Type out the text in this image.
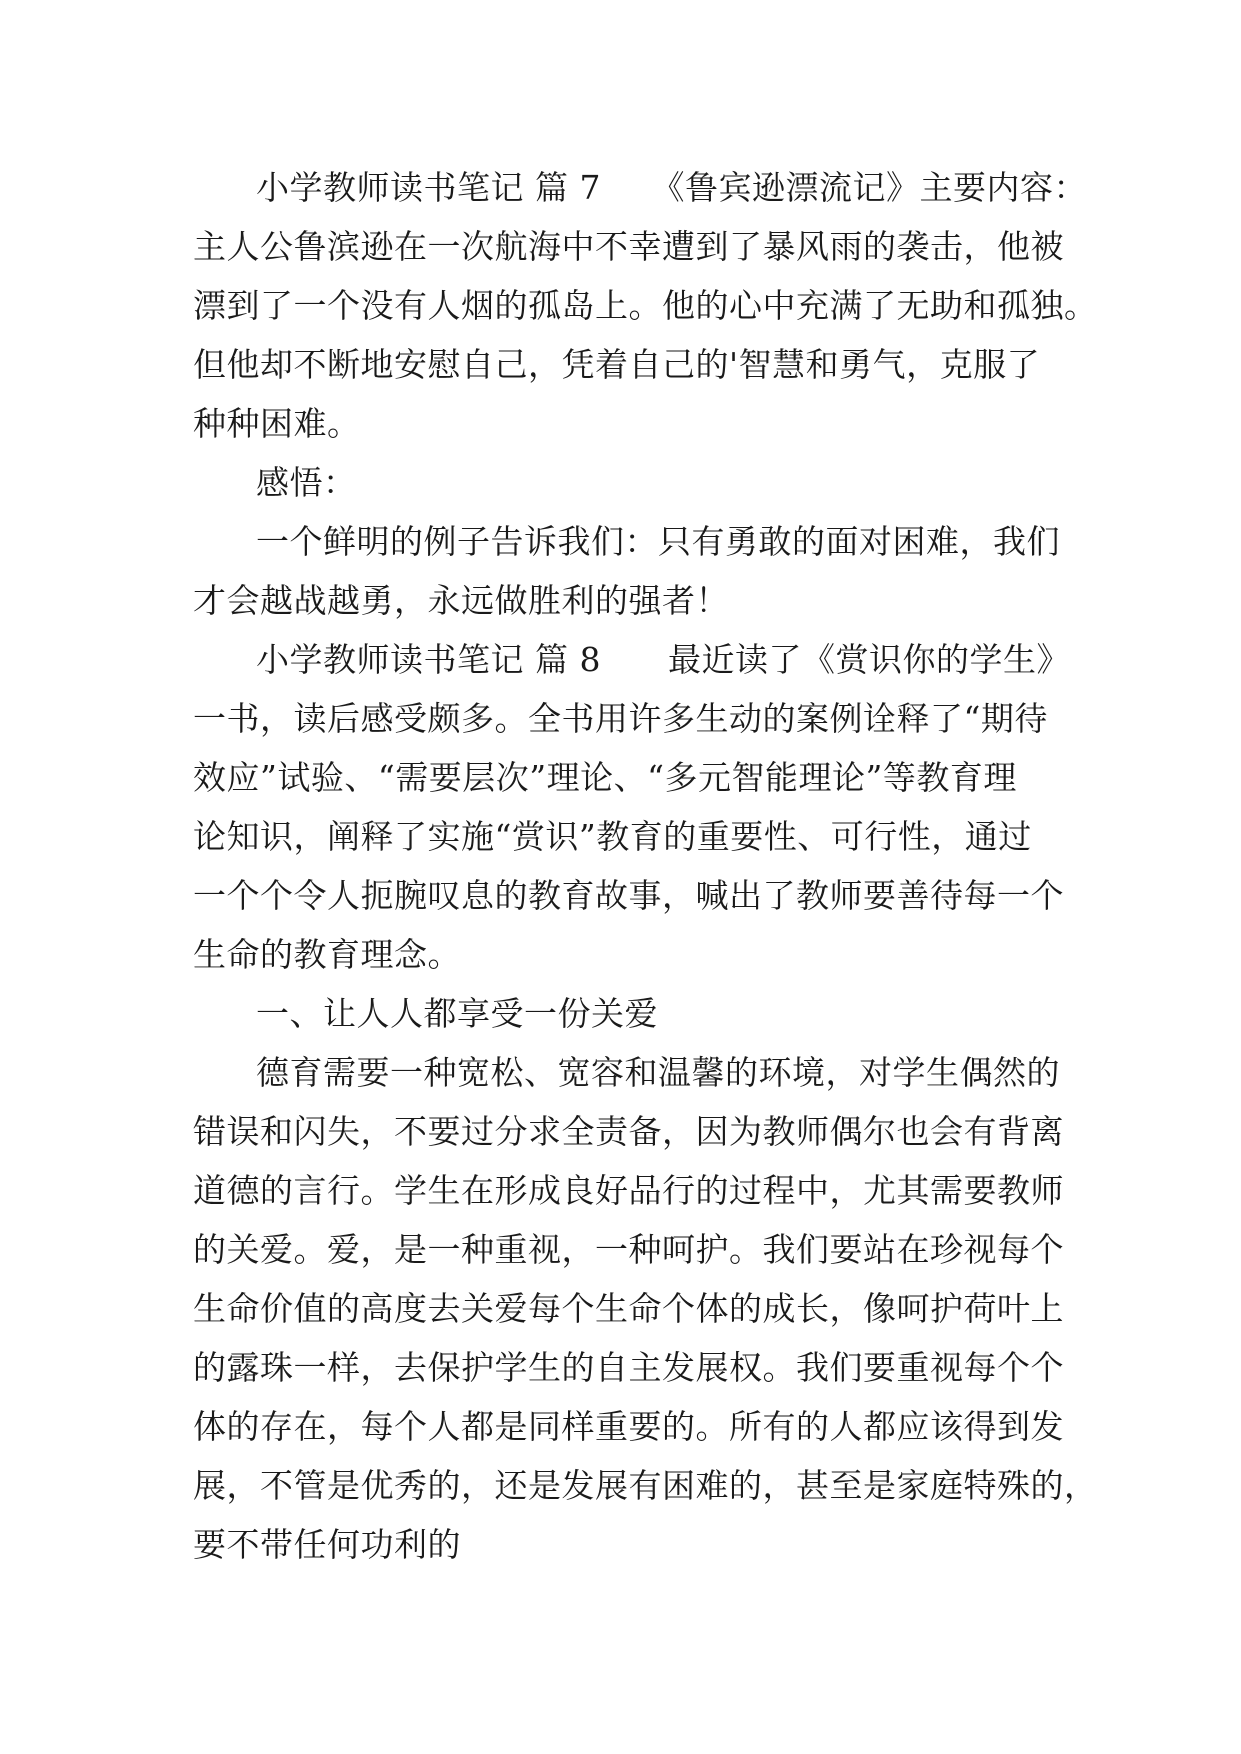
小学教师读书笔记 篇 7　　《鲁宾逊漂流记》主要内容：
主人公鲁滨逊在一次航海中不幸遭到了暴风雨的袭击，他被
漂到了一个没有人烟的孤岛上。他的心中充满了无助和孤独。
但他却不断地安慰自己，凭着自己的'智慧和勇气，克服了
种种困难。
感悟：
一个鲜明的例子告诉我们：只有勇敢的面对困难，我们
才会越战越勇，永远做胜利的强者！
小学教师读书笔记 篇 8　　最近读了《赏识你的学生》
一书，读后感受颇多。全书用许多生动的案例诠释了“期待
效应”试验、“需要层次”理论、“多元智能理论”等教育理
论知识，阐释了实施“赏识”教育的重要性、可行性，通过
一个个令人扼腕叹息的教育故事，喊出了教师要善待每一个
生命的教育理念。
一、让人人都享受一份关爱
德育需要一种宽松、宽容和温馨的环境，对学生偶然的
错误和闪失，不要过分求全责备，因为教师偶尔也会有背离
道德的言行。学生在形成良好品行的过程中，尤其需要教师
的关爱。爱，是一种重视，一种呵护。我们要站在珍视每个
生命价值的高度去关爱每个生命个体的成长，像呵护荷叶上
的露珠一样，去保护学生的自主发展权。我们要重视每个个
体的存在，每个人都是同样重要的。所有的人都应该得到发
展，不管是优秀的，还是发展有困难的，甚至是家庭特殊的，
要不带任何功利的
